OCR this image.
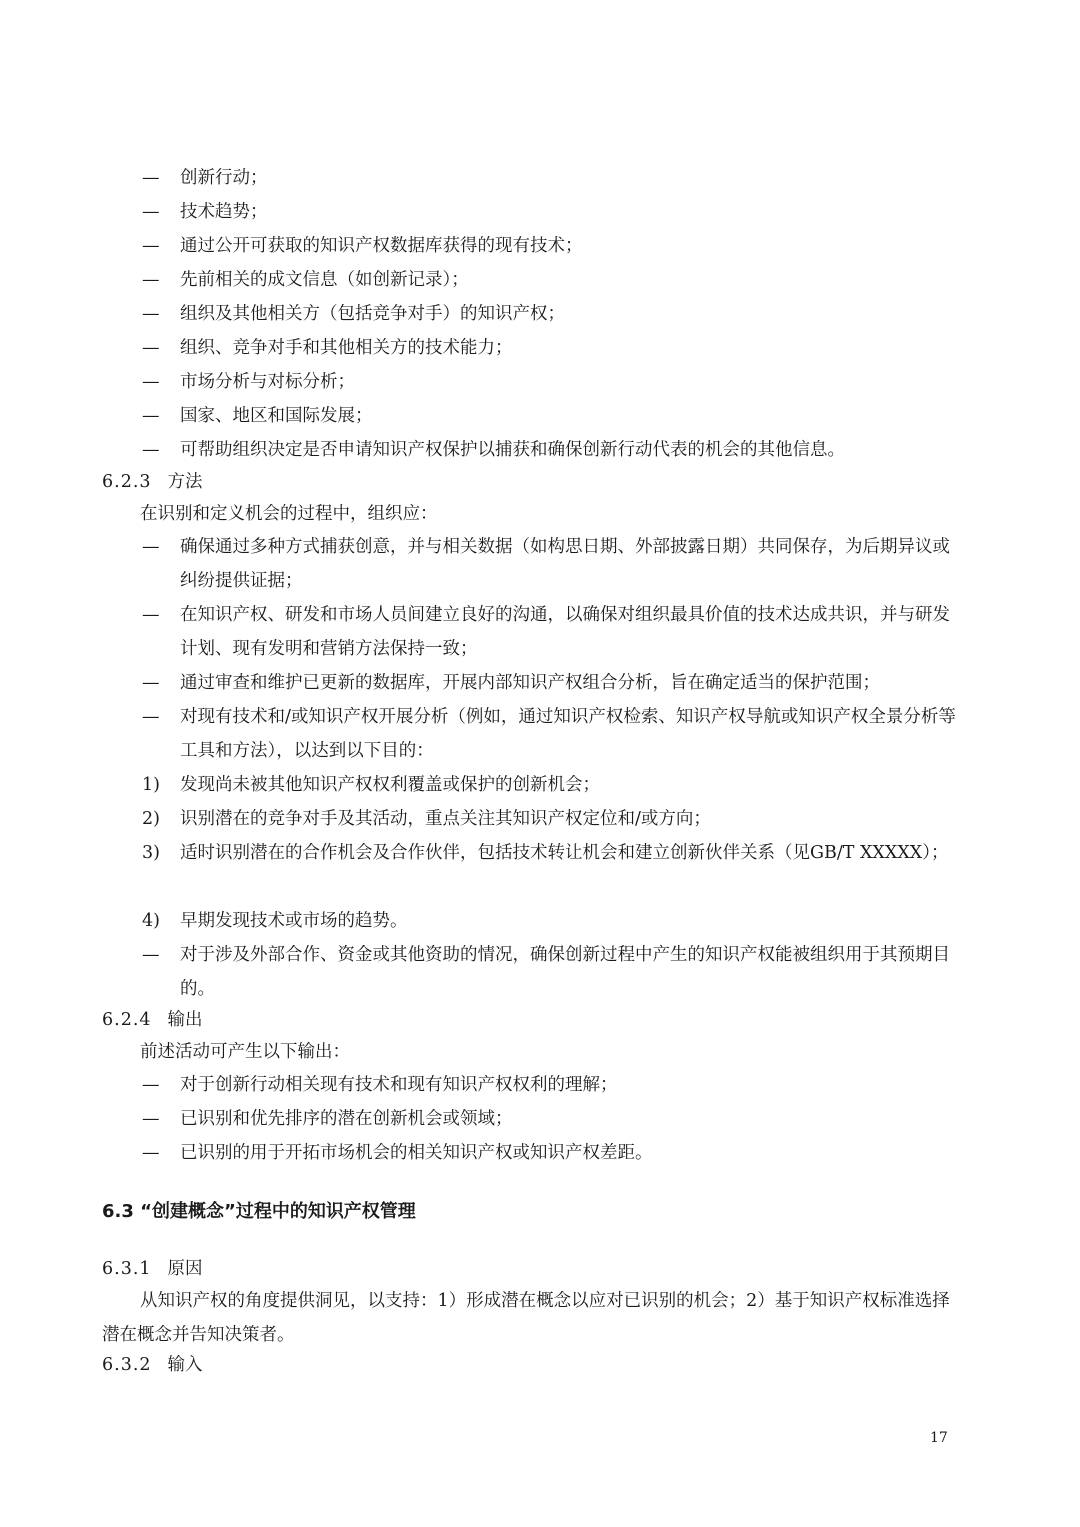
—	创新行动；
—	技术趋势；
—	通过公开可获取的知识产权数据库获得的现有技术；
—	先前相关的成文信息（如创新记录）；
—	组织及其他相关方（包括竞争对手）的知识产权；
—	组织、竞争对手和其他相关方的技术能力；
—	市场分析与对标分析；
—	国家、地区和国际发展；
—	可帮助组织决定是否申请知识产权保护以捕获和确保创新行动代表的机会的其他信息。
6.2.3 方法
在识别和定义机会的过程中，组织应：
—	确保通过多种方式捕获创意，并与相关数据（如构思日期、外部披露日期）共同保存，为后期异议或纠纷提供证据；
—	在知识产权、研发和市场人员间建立良好的沟通，以确保对组织最具价值的技术达成共识，并与研发计划、现有发明和营销方法保持一致；
—	通过审查和维护已更新的数据库，开展内部知识产权组合分析，旨在确定适当的保护范围；
—	对现有技术和/或知识产权开展分析（例如，通过知识产权检索、知识产权导航或知识产权全景分析等工具和方法），以达到以下目的：
1)	发现尚未被其他知识产权权利覆盖或保护的创新机会；
2)	识别潜在的竞争对手及其活动，重点关注其知识产权定位和/或方向；
3)	适时识别潜在的合作机会及合作伙伴，包括技术转让机会和建立创新伙伴关系（见GB/T XXXXX）；
4)	早期发现技术或市场的趋势。
—	对于涉及外部合作、资金或其他资助的情况，确保创新过程中产生的知识产权能被组织用于其预期目的。
6.2.4 输出
前述活动可产生以下输出：
—	对于创新行动相关现有技术和现有知识产权权利的理解；
—	已识别和优先排序的潜在创新机会或领域；
—	已识别的用于开拓市场机会的相关知识产权或知识产权差距。
6.3 “创建概念”过程中的知识产权管理
6.3.1 原因
从知识产权的角度提供洞见，以支持：1）形成潜在概念以应对已识别的机会；2）基于知识产权标准选择潜在概念并告知决策者。
6.3.2 输入
17
